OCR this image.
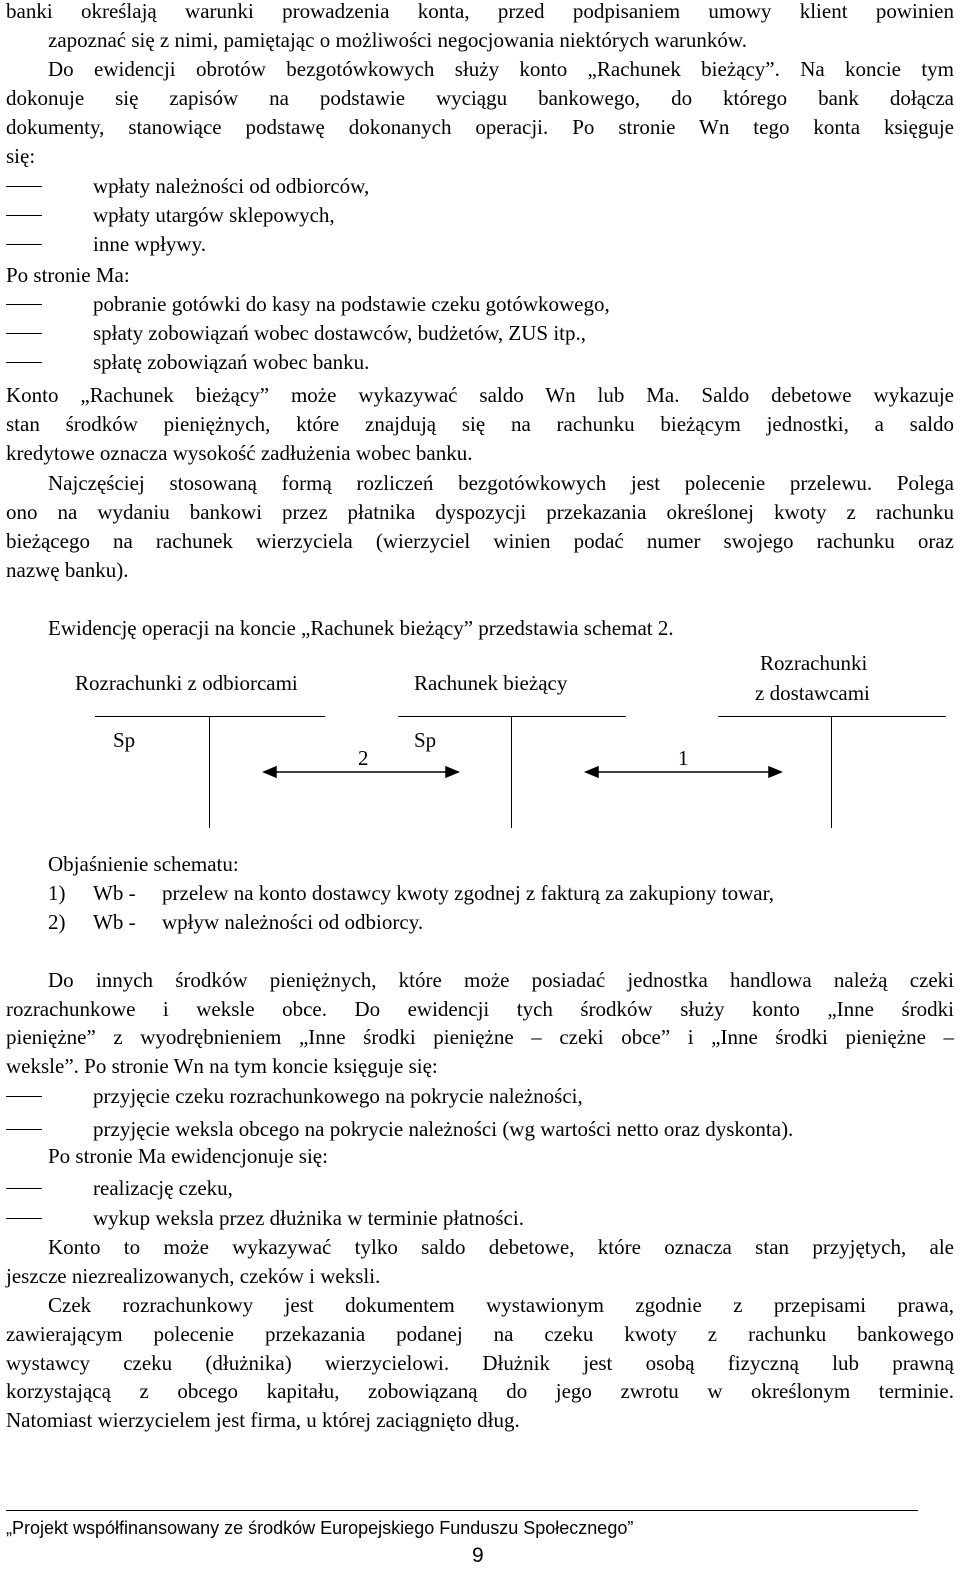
banki określają warunki prowadzenia konta, przed podpisaniem umowy klient powinien
zapoznać się z nimi, pamiętając o możliwości negocjowania niektórych warunków.
Do ewidencji obrotów bezgotówkowych służy konto „Rachunek bieżący”. Na koncie tym
dokonuje się zapisów na podstawie wyciągu bankowego, do którego bank dołącza
dokumenty, stanowiące podstawę dokonanych operacji. Po stronie Wn tego konta księguje
się:
wpłaty należności od odbiorców,
wpłaty utargów sklepowych,
inne wpływy.
Po stronie Ma:
pobranie gotówki do kasy na podstawie czeku gotówkowego,
spłaty zobowiązań wobec dostawców, budżetów, ZUS itp.,
spłatę zobowiązań wobec banku.
Konto „Rachunek bieżący” może wykazywać saldo Wn lub Ma. Saldo debetowe wykazuje
stan środków pieniężnych, które znajdują się na rachunku bieżącym jednostki, a saldo
kredytowe oznacza wysokość zadłużenia wobec banku.
Najczęściej stosowaną formą rozliczeń bezgotówkowych jest polecenie przelewu. Polega
ono na wydaniu bankowi przez płatnika dyspozycji przekazania określonej kwoty z rachunku
bieżącego na rachunek wierzyciela (wierzyciel winien podać numer swojego rachunku oraz
nazwę banku).
Ewidencję operacji na koncie „Rachunek bieżący” przedstawia schemat 2.
Rozrachunki z odbiorcami	Rachunek bieżący
Rozrachunki
z dostawcami
Sp	Sp
2	1
Objaśnienie schematu:
1) Wb - przelew na konto dostawcy kwoty zgodnej z fakturą za zakupiony towar,
2) Wb - wpływ należności od odbiorcy.
Do innych środków pieniężnych, które może posiadać jednostka handlowa należą czeki
rozrachunkowe i weksle obce. Do ewidencji tych środków służy konto „Inne środki
pieniężne” z wyodrębnieniem „Inne środki pieniężne – czeki obce” i „Inne środki pieniężne –
weksle”. Po stronie Wn na tym koncie księguje się:
przyjęcie czeku rozrachunkowego na pokrycie należności,
przyjęcie weksla obcego na pokrycie należności (wg wartości netto oraz dyskonta).
Po stronie Ma ewidencjonuje się:
realizację czeku,
wykup weksla przez dłużnika w terminie płatności.
Konto to może wykazywać tylko saldo debetowe, które oznacza stan przyjętych, ale
jeszcze niezrealizowanych, czeków i weksli.
Czek rozrachunkowy jest dokumentem wystawionym zgodnie z przepisami prawa,
zawierającym polecenie przekazania podanej na czeku kwoty z rachunku bankowego
wystawcy czeku (dłużnika) wierzycielowi. Dłużnik jest osobą fizyczną lub prawną
korzystającą z obcego kapitału, zobowiązaną do jego zwrotu w określonym terminie.
Natomiast wierzycielem jest firma, u której zaciągnięto dług.
„Projekt współfinansowany ze środków Europejskiego Funduszu Społecznego”
9
